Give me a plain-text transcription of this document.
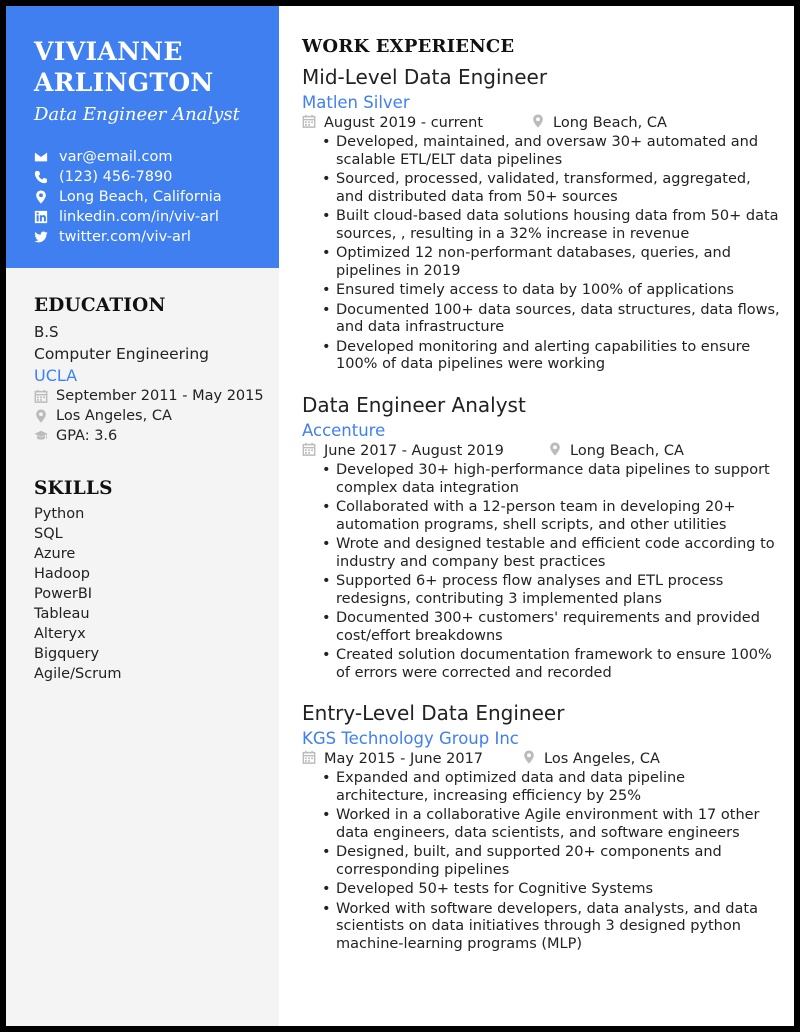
VIVIANNE
ARLINGTON
Data Engineer Analyst
var@email.com
(123) 456-7890
Long Beach, California
linkedin.com/in/viv-arl
twitter.com/viv-arl
EDUCATION
B.S
Computer Engineering
UCLA
September 2011 - May 2015
Los Angeles, CA
GPA: 3.6
SKILLS
Python
SQL
Azure
Hadoop
PowerBI
Tableau
Alteryx
Bigquery
Agile/Scrum
WORK EXPERIENCE
Mid-Level Data Engineer
Matlen Silver
August 2019 - current	Long Beach, CA
• Developed, maintained, and oversaw 30+ automated and scalable ETL/ELT data pipelines
• Sourced, processed, validated, transformed, aggregated, and distributed data from 50+ sources
• Built cloud-based data solutions housing data from 50+ data sources, , resulting in a 32% increase in revenue
• Optimized 12 non-performant databases, queries, and pipelines in 2019
• Ensured timely access to data by 100% of applications
• Documented 100+ data sources, data structures, data flows, and data infrastructure
• Developed monitoring and alerting capabilities to ensure 100% of data pipelines were working
Data Engineer Analyst
Accenture
June 2017 - August 2019	Long Beach, CA
• Developed 30+ high-performance data pipelines to support complex data integration
• Collaborated with a 12-person team in developing 20+ automation programs, shell scripts, and other utilities
• Wrote and designed testable and efficient code according to industry and company best practices
• Supported 6+ process flow analyses and ETL process redesigns, contributing 3 implemented plans
• Documented 300+ customers' requirements and provided cost/effort breakdowns
• Created solution documentation framework to ensure 100% of errors were corrected and recorded
Entry-Level Data Engineer
KGS Technology Group Inc
May 2015 - June 2017	Los Angeles, CA
• Expanded and optimized data and data pipeline architecture, increasing efficiency by 25%
• Worked in a collaborative Agile environment with 17 other data engineers, data scientists, and software engineers
• Designed, built, and supported 20+ components and corresponding pipelines
• Developed 50+ tests for Cognitive Systems
• Worked with software developers, data analysts, and data scientists on data initiatives through 3 designed python machine-learning programs (MLP)
